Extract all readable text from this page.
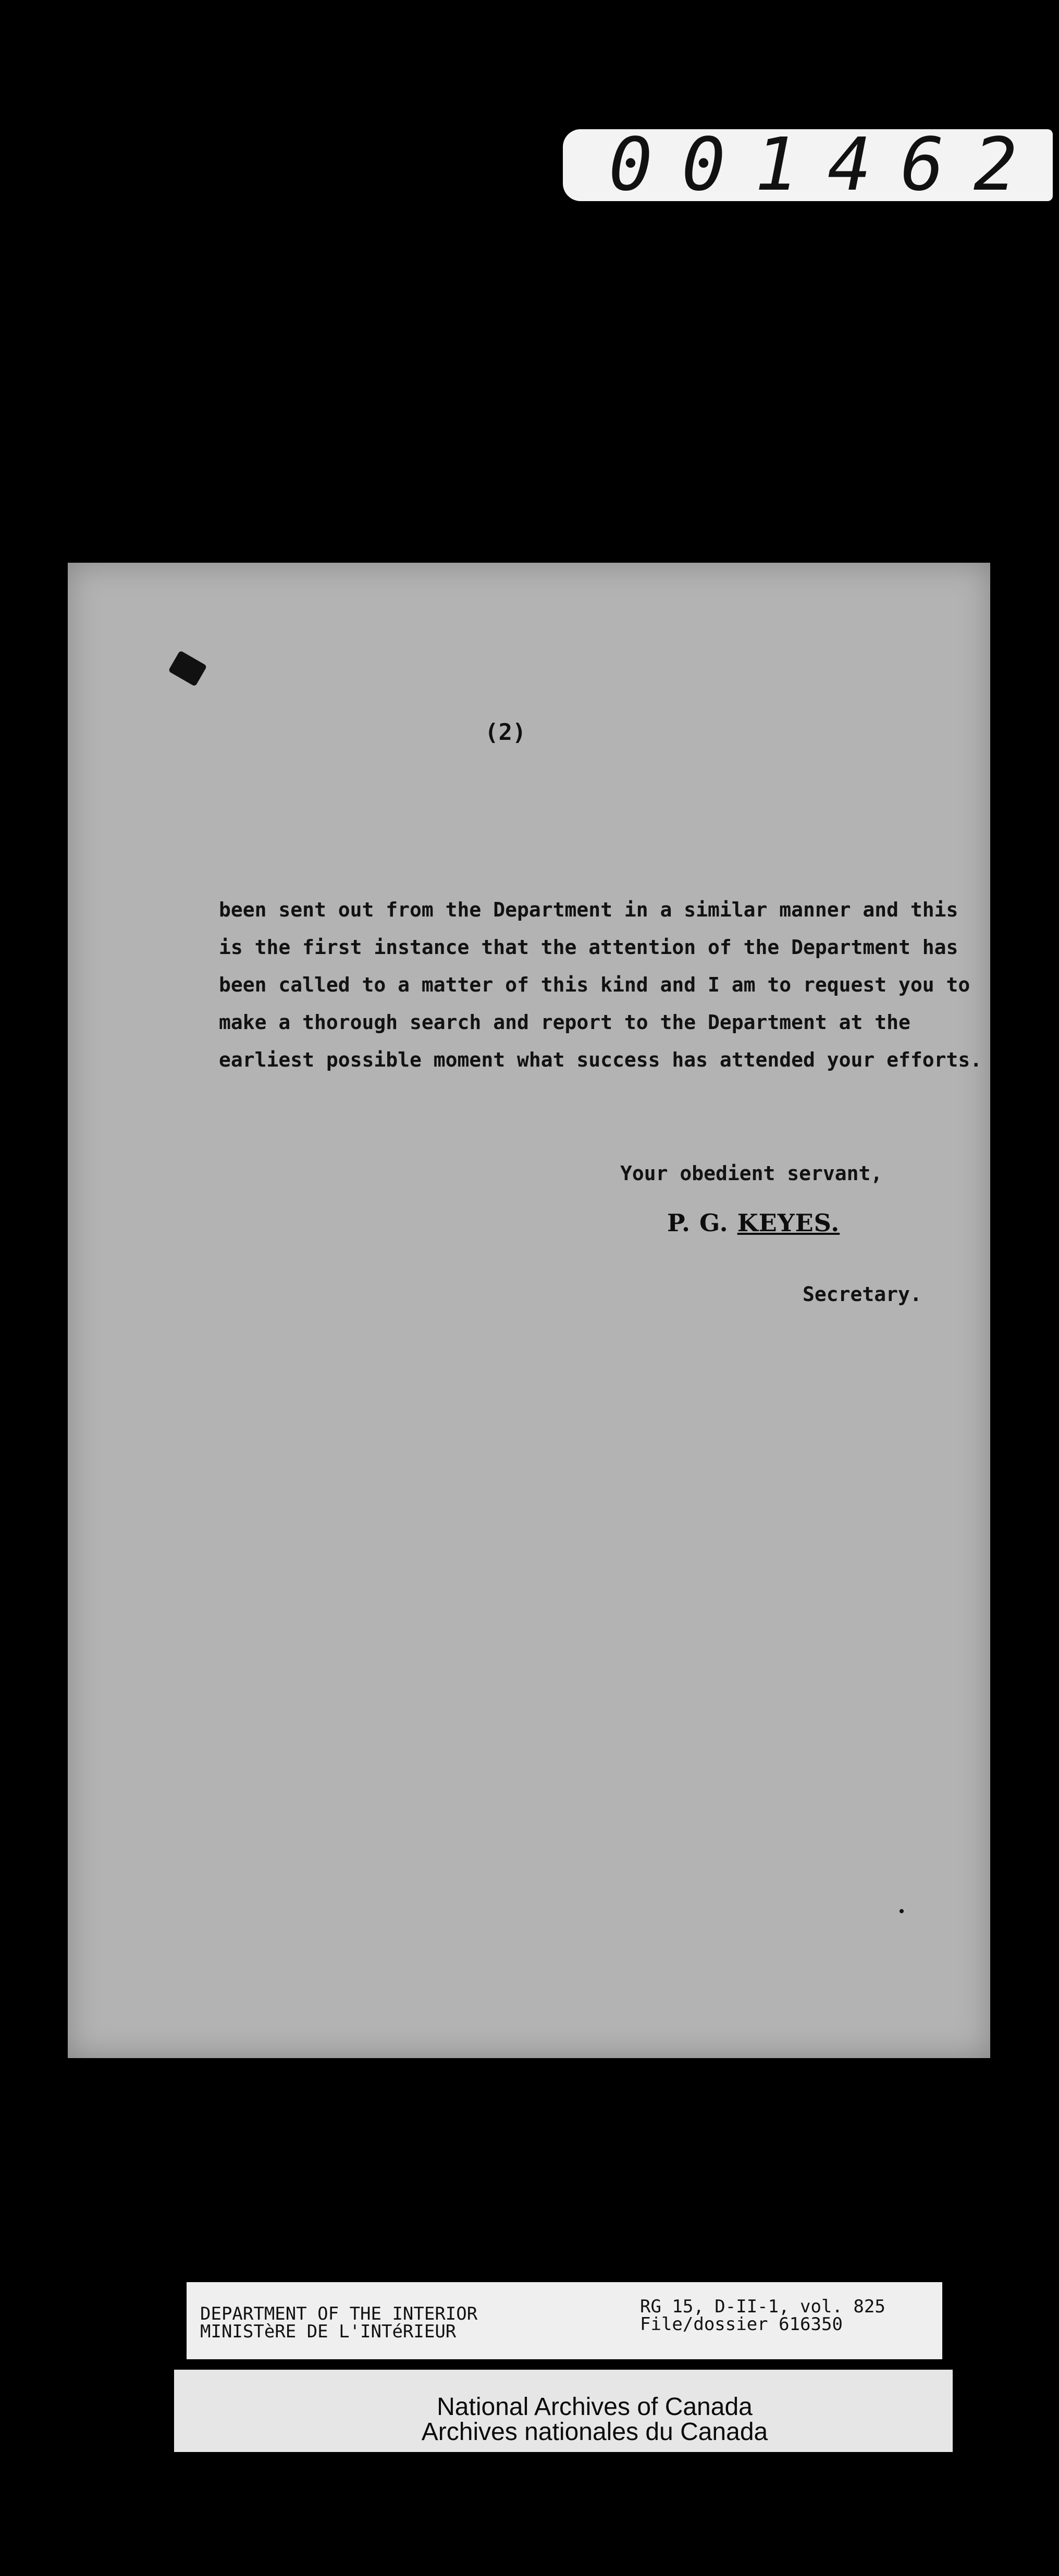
0 0 1 4 6 2
(2)
been sent out from the Department in a similar manner and this
is the first instance that the attention of the Department has
been called to a matter of this kind and I am to request you to
make a thorough search and report to the Department at the
earliest possible moment what success has attended your efforts.
Your obedient servant,
P. G. KEYES.
Secretary.
DEPARTMENT OF THE INTERIOR
MINISTèRE DE L'INTéRIEUR
RG 15, D-II-1, vol. 825
File/dossier 616350
National Archives of Canada
Archives nationales du Canada
